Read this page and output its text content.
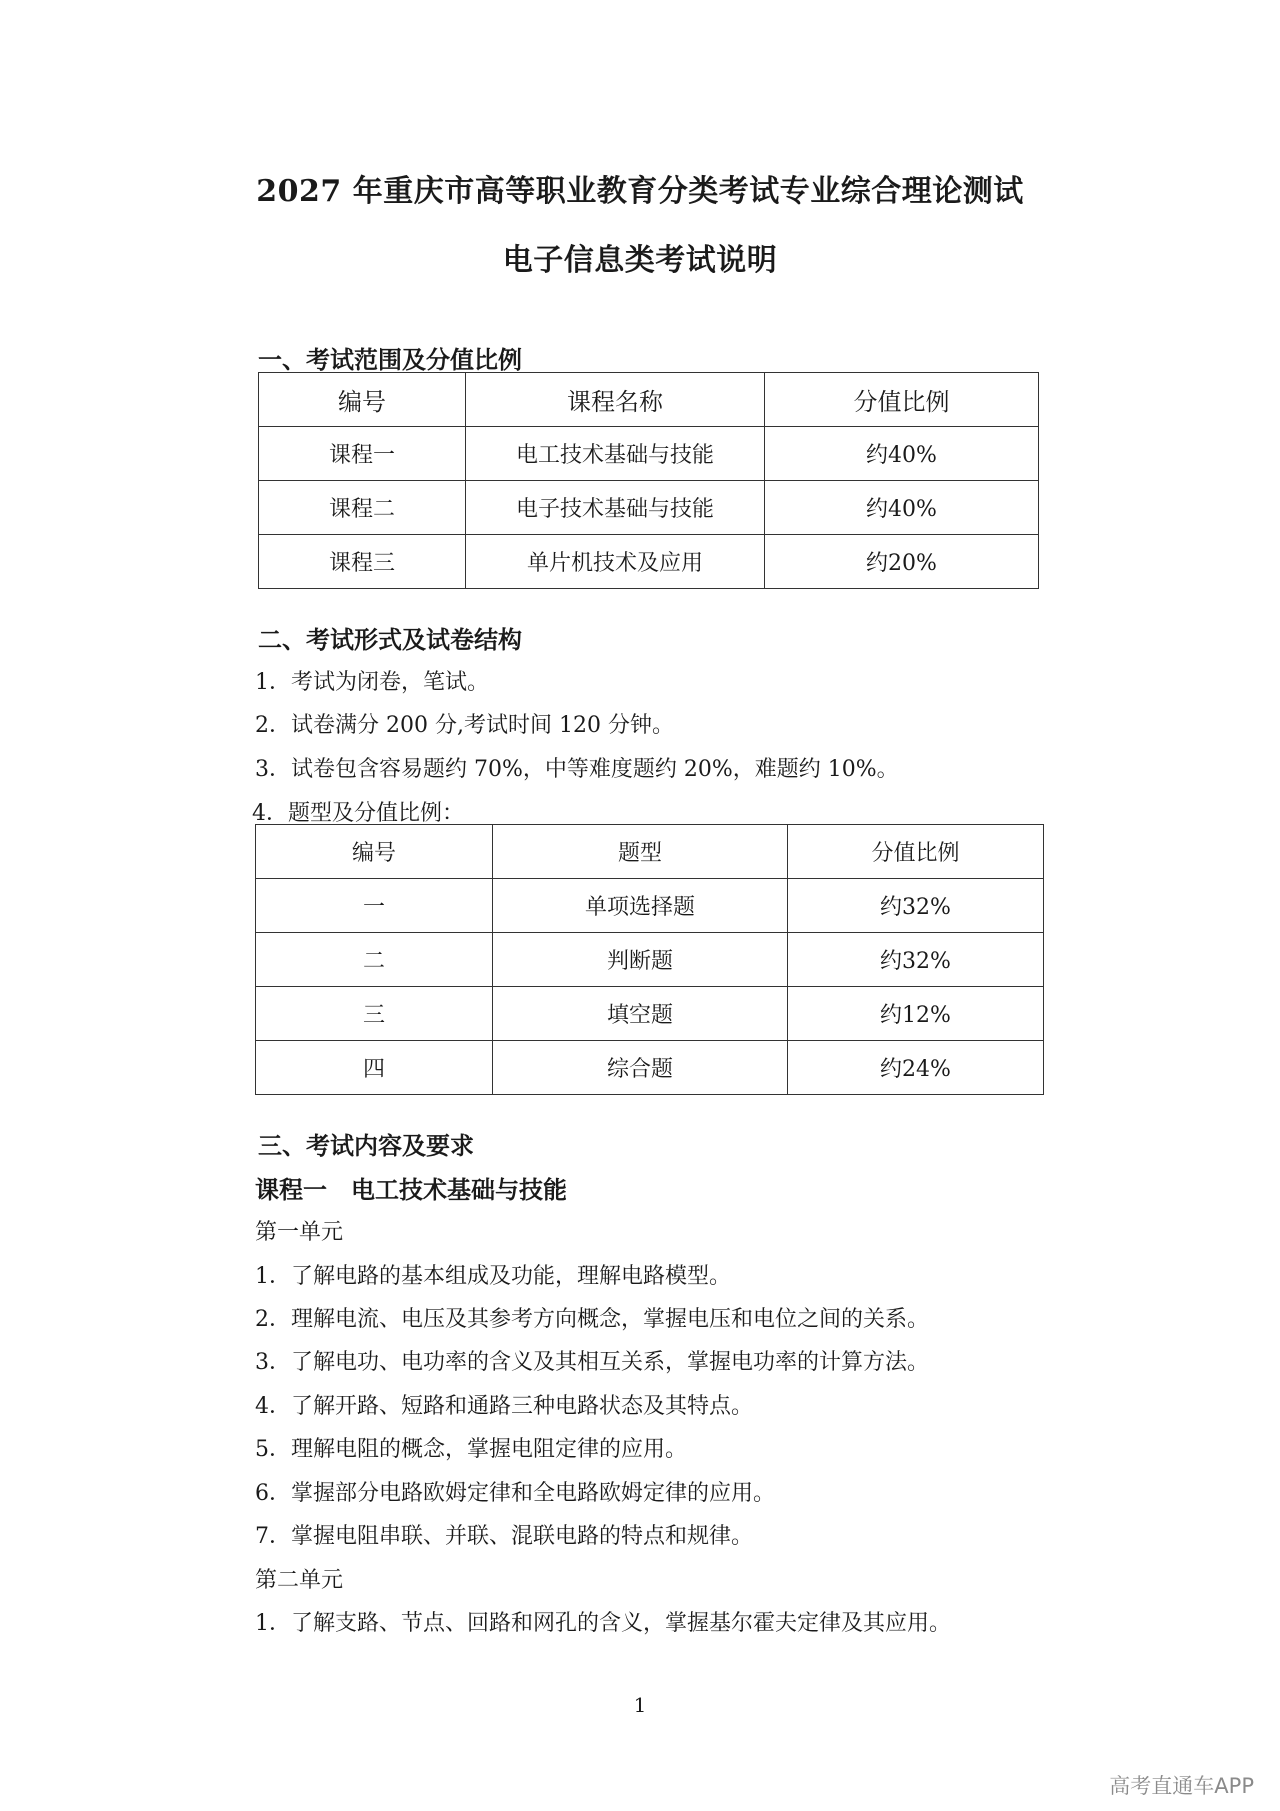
2027 年重庆市高等职业教育分类考试专业综合理论测试
电子信息类考试说明
一、考试范围及分值比例
编号	课程名称	分值比例
课程一	电工技术基础与技能	约40%
课程二	电子技术基础与技能	约40%
课程三	单片机技术及应用	约20%
二、考试形式及试卷结构
1．考试为闭卷，笔试。
2．试卷满分 200 分,考试时间 120 分钟。
3．试卷包含容易题约 70%，中等难度题约 20%，难题约 10%。
4．题型及分值比例：
编号	题型	分值比例
一	单项选择题	约32%
二	判断题	约32%
三	填空题	约12%
四	综合题	约24%
三、考试内容及要求
课程一　电工技术基础与技能
第一单元
1．了解电路的基本组成及功能，理解电路模型。
2．理解电流、电压及其参考方向概念，掌握电压和电位之间的关系。
3．了解电功、电功率的含义及其相互关系，掌握电功率的计算方法。
4．了解开路、短路和通路三种电路状态及其特点。
5．理解电阻的概念，掌握电阻定律的应用。
6．掌握部分电路欧姆定律和全电路欧姆定律的应用。
7．掌握电阻串联、并联、混联电路的特点和规律。
第二单元
1．了解支路、节点、回路和网孔的含义，掌握基尔霍夫定律及其应用。
1
高考直通车APP
